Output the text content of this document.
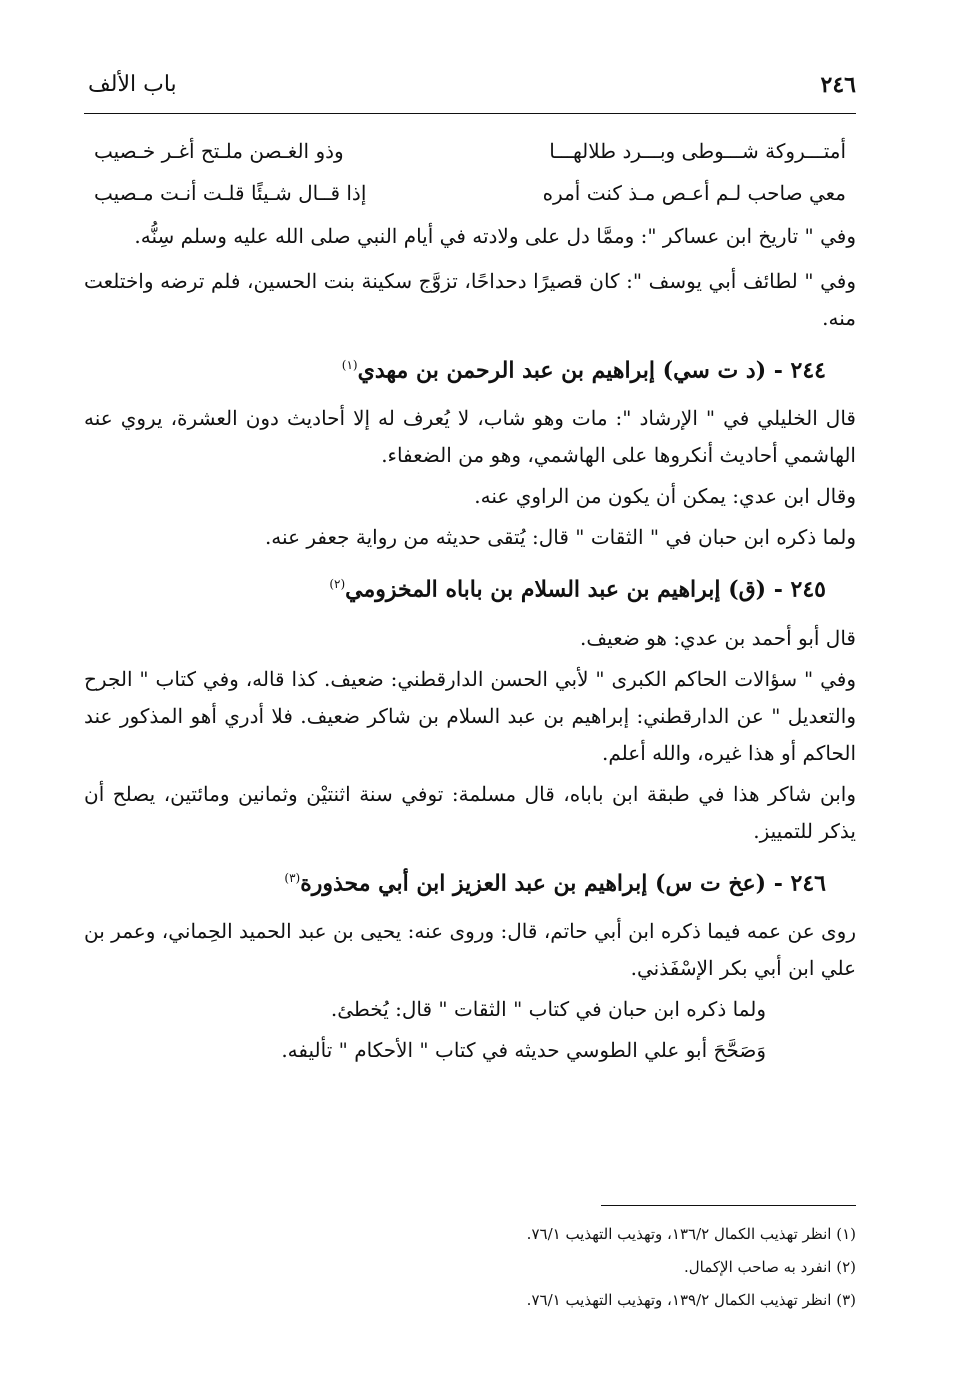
٢٤٦
باب الألف
أمتـــروكة شـــوطى وبـــرد طلالهـــا
وذو الغـصن ملـتح أغـر خـصيب
معي صاحب لـم أعـص مـذ كنت أمره
إذا قــال شـيئًا قلـت أنـت مـصيب

وفي " تاريخ ابن عساكر ": وممَّا دل على ولادته في أيام النبي صلى الله عليه وسلم سِنُّه.

وفي " لطائف أبي يوسف ": كان قصيرًا دحداحًا، تزوَّج سكينة بنت الحسين، فلم ترضه واختلعت منه.

٢٤٤ - (د ت سي) إبراهيم بن عبد الرحمن بن مهدي$^{(١)}$

قال الخليلي في " الإرشاد ": مات وهو شاب، لا يُعرف له إلا أحاديث دون العشرة، يروي عنه الهاشمي أحاديث أنكروها على الهاشمي، وهو من الضعفاء.

وقال ابن عدي: يمكن أن يكون من الراوي عنه.

ولما ذكره ابن حبان في " الثقات " قال: يُتقى حديثه من رواية جعفر عنه.

٢٤٥ - (ق) إبراهيم بن عبد السلام بن باباه المخزومي$^{(٢)}$

قال أبو أحمد بن عدي: هو ضعيف.

وفي " سؤالات الحاكم الكبرى " لأبي الحسن الدارقطني: ضعيف. كذا قاله، وفي كتاب " الجرح والتعديل " عن الدارقطني: إبراهيم بن عبد السلام بن شاكر ضعيف. فلا أدري أهو المذكور عند الحاكم أو هذا غيره، والله أعلم.

وابن شاكر هذا في طبقة ابن باباه، قال مسلمة: توفي سنة اثنتيْن وثمانين ومائتين، يصلح أن يذكر للتمييز.

٢٤٦ - (عخ ت س) إبراهيم بن عبد العزيز ابن أبي محذورة$^{(٣)}$

روى عن عمه فيما ذكره ابن أبي حاتم، قال: وروى عنه: يحيى بن عبد الحميد الحِماني، وعمر بن علي ابن أبي بكر الإسْفَذني.

ولما ذكره ابن حبان في كتاب " الثقات " قال: يُخطئ.

وَصَحَّحَ أبو علي الطوسي حديثه في كتاب " الأحكام " تأليفه.

(١) انظر تهذيب الكمال ١٣٦/٢، وتهذيب التهذيب ٧٦/١.

(٢) انفرد به صاحب الإكمال.

(٣) انظر تهذيب الكمال ١٣٩/٢، وتهذيب التهذيب ٧٦/١.
